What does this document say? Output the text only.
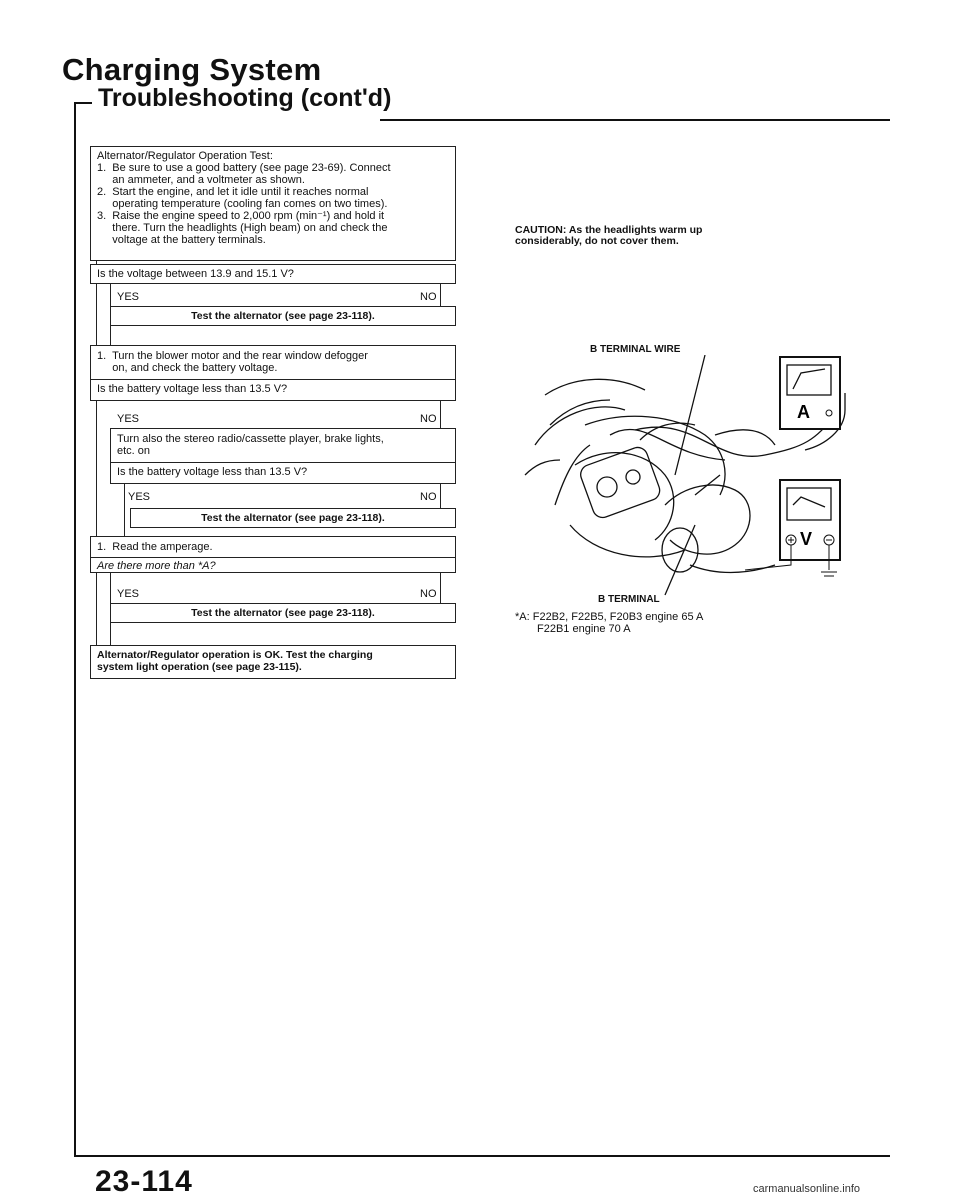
Charging System
Troubleshooting (cont'd)
Alternator/Regulator Operation Test:
1.  Be sure to use a good battery (see page 23-69). Connect
an ammeter, and a voltmeter as shown.
2.  Start the engine, and let it idle until it reaches normal
operating temperature (cooling fan comes on two times).
3.  Raise the engine speed to 2,000 rpm (min⁻¹) and hold it
there. Turn the headlights (High beam) on and check the
voltage at the battery terminals.
Is the voltage between 13.9 and 15.1 V?
YES	NO
Test the alternator (see page 23-118).
1.  Turn the blower motor and the rear window defogger
on, and check the battery voltage.
Is the battery voltage less than 13.5 V?
YES	NO
Turn also the stereo radio/cassette player, brake lights,
etc. on
Is the battery voltage less than 13.5 V?
YES	NO
Test the alternator (see page 23-118).
1.  Read the amperage.
Are there more than *A?
YES	NO
Test the alternator (see page 23-118).
Alternator/Regulator operation is OK. Test the charging
system light operation (see page 23-115).
CAUTION: As the headlights warm up considerably, do not cover them.
B TERMINAL WIRE
B TERMINAL
A
V
*A: F22B2, F22B5, F20B3 engine 65 A
F22B1 engine 70 A
23-114	carmanualsonline.info
